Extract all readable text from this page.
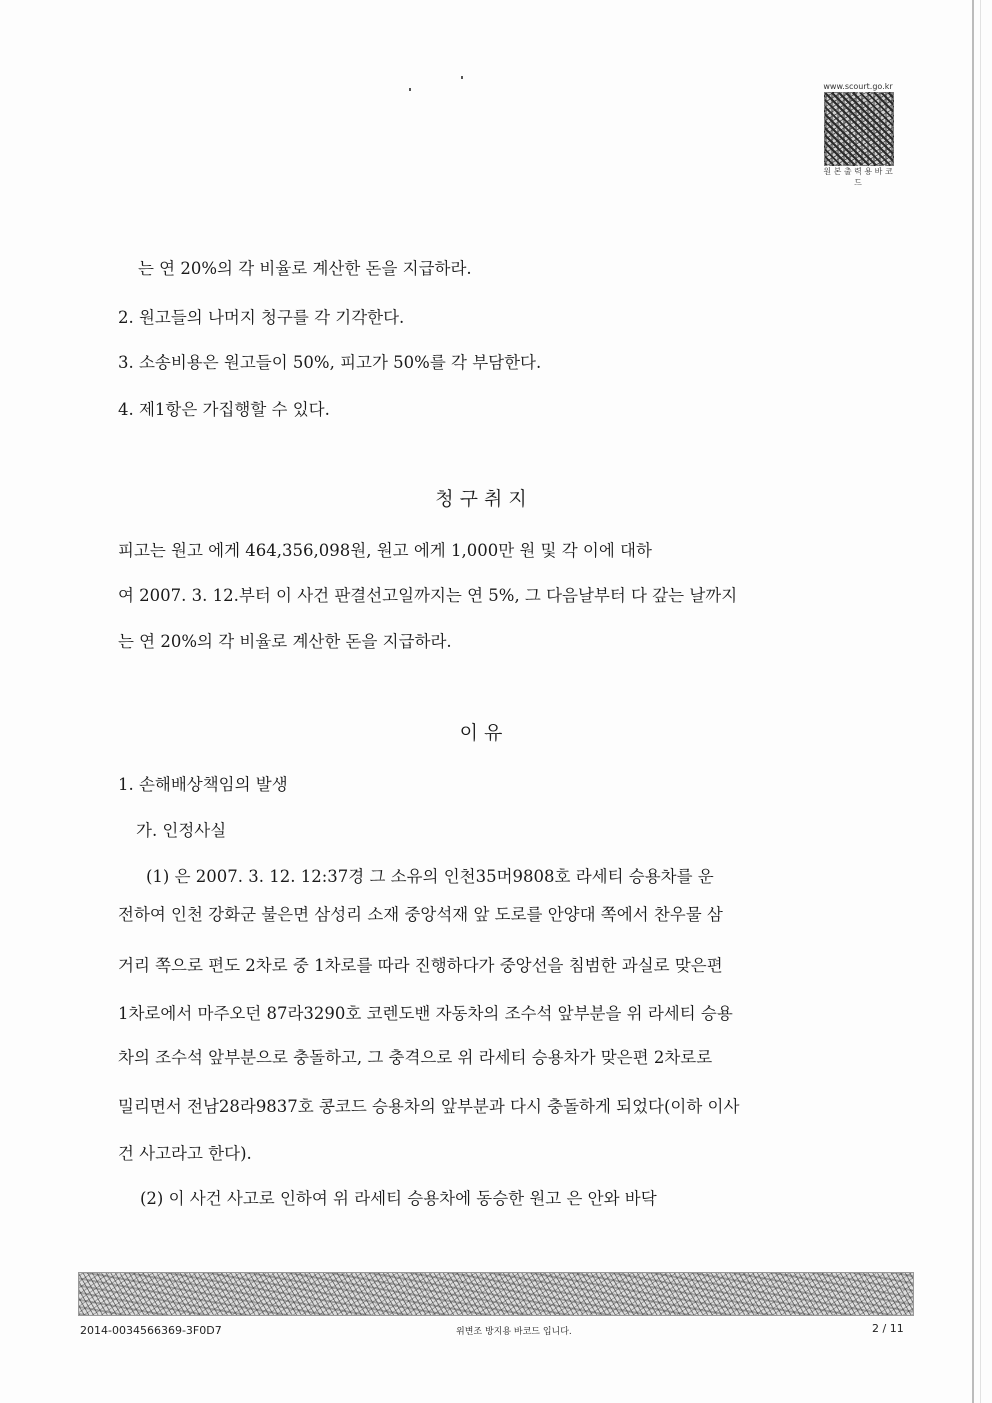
www.scourt.go.kr
원 본 출 력 용 바 코 드
는 연 20%의 각 비율로 계산한 돈을 지급하라.
2. 원고들의 나머지 청구를 각 기각한다.
3. 소송비용은 원고들이 50%, 피고가 50%를 각 부담한다.
4. 제1항은 가집행할 수 있다.
청 구 취 지
피고는 원고 에게 464,356,098원, 원고 에게 1,000만 원 및 각 이에 대하
여 2007. 3. 12.부터 이 사건 판결선고일까지는 연 5%, 그 다음날부터 다 갚는 날까지
는 연 20%의 각 비율로 계산한 돈을 지급하라.
이 유
1. 손해배상책임의 발생
가. 인정사실
(1) 은 2007. 3. 12. 12:37경 그 소유의 인천35머9808호 라세티 승용차를 운
전하여 인천 강화군 불은면 삼성리 소재 중앙석재 앞 도로를 안양대 쪽에서 찬우물 삼
거리 쪽으로 편도 2차로 중 1차로를 따라 진행하다가 중앙선을 침범한 과실로 맞은편
1차로에서 마주오던 87라3290호 코렌도밴 자동차의 조수석 앞부분을 위 라세티 승용
차의 조수석 앞부분으로 충돌하고, 그 충격으로 위 라세티 승용차가 맞은편 2차로로
밀리면서 전남28라9837호 콩코드 승용차의 앞부분과 다시 충돌하게 되었다(이하 이사
건 사고라고 한다).
(2) 이 사건 사고로 인하여 위 라세티 승용차에 동승한 원고 은 안와 바닥
2014-0034566369-3F0D7	위변조 방지용 바코드 입니다.	2 / 11
